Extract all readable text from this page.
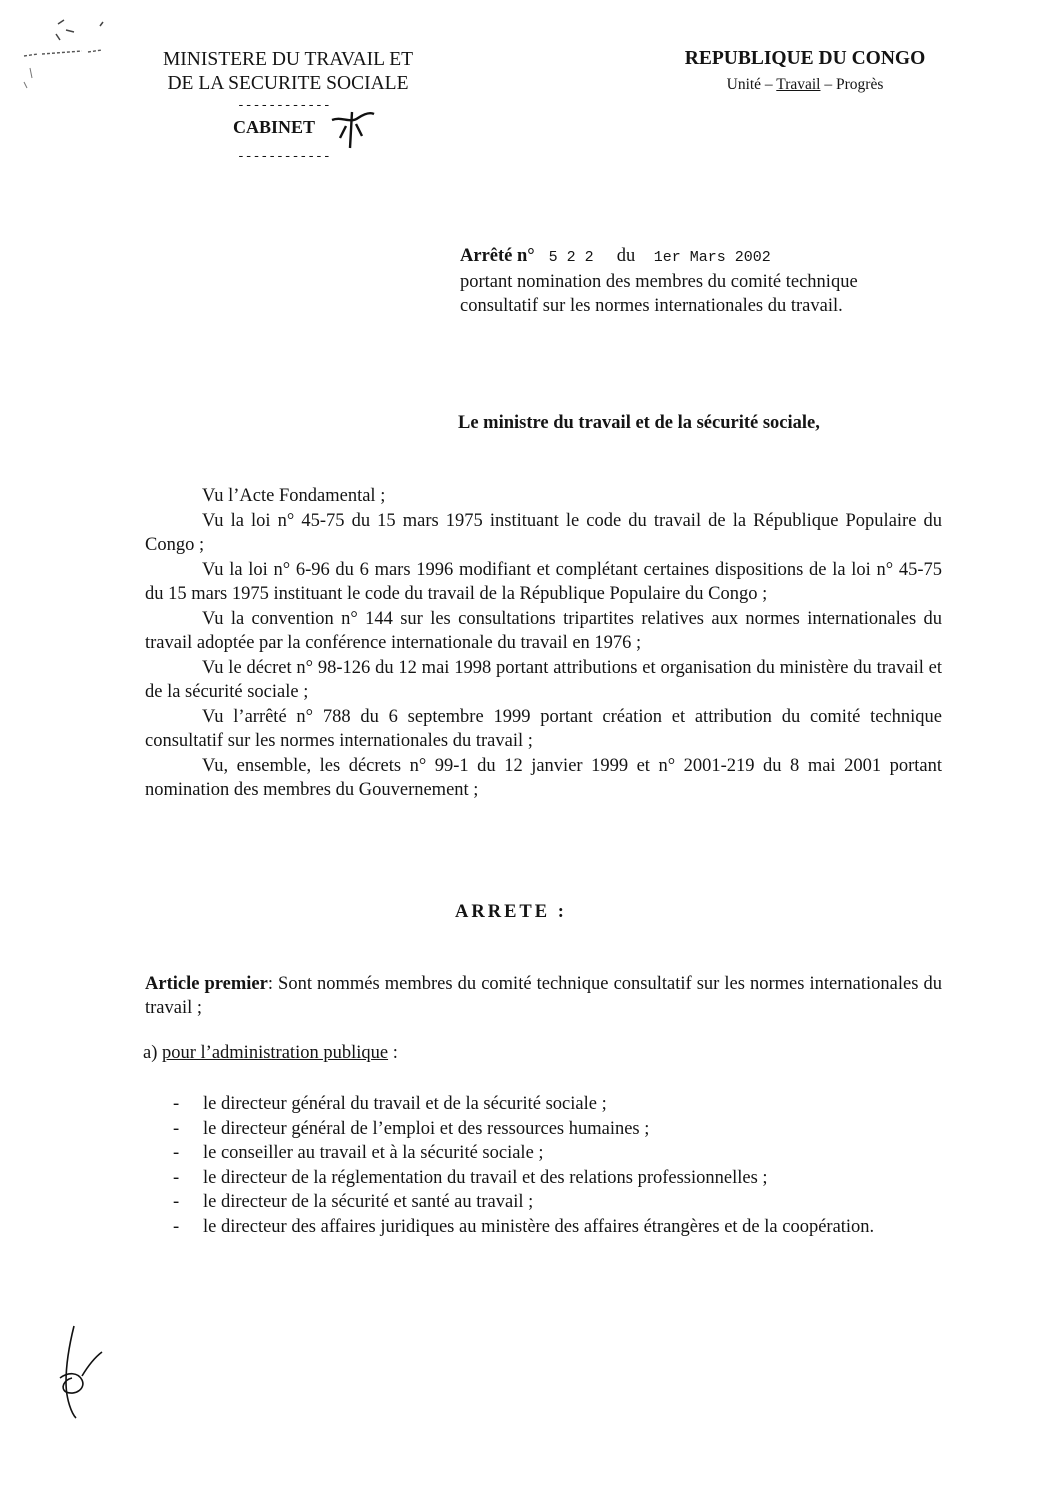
MINISTERE DU TRAVAIL ET
DE LA SECURITE SOCIALE
------------
CABINET
------------
REPUBLIQUE DU CONGO
Unité – Travail – Progrès
Arrêté n° 5 2 2 du 1er Mars 2002
portant nomination des membres du comité technique consultatif sur les normes internationales du travail.
Le ministre du travail et de la sécurité sociale,

Vu l’Acte Fondamental ;

Vu la loi n° 45-75 du 15 mars 1975 instituant le code du travail de la République Populaire du Congo ;

Vu la loi n° 6-96 du 6 mars 1996 modifiant et complétant certaines dispositions de la loi n° 45-75 du 15 mars 1975 instituant le code du travail de la République Populaire du Congo ;

Vu la convention n° 144 sur les consultations tripartites relatives aux normes internationales du travail adoptée par la conférence internationale du travail en 1976 ;

Vu le décret n° 98-126 du 12 mai 1998 portant attributions et organisation du ministère du travail et de la sécurité sociale ;

Vu l’arrêté n° 788 du 6 septembre 1999 portant création et attribution du comité technique consultatif sur les normes internationales du travail ;

Vu, ensemble, les décrets n° 99-1 du 12 janvier 1999 et n° 2001-219 du 8 mai 2001 portant nomination des membres du Gouvernement ;

ARRETE :
Article premier: Sont nommés membres du comité technique consultatif sur les normes internationales du travail ;
a) pour l’administration publique :
- le directeur général du travail et de la sécurité sociale ;
- le directeur général de l’emploi et des ressources humaines ;
- le conseiller au travail et à la sécurité sociale ;
- le directeur de la réglementation du travail et des relations professionnelles ;
- le directeur de la sécurité et santé au travail ;
- le directeur des affaires juridiques au ministère des affaires étrangères et de la coopération.
